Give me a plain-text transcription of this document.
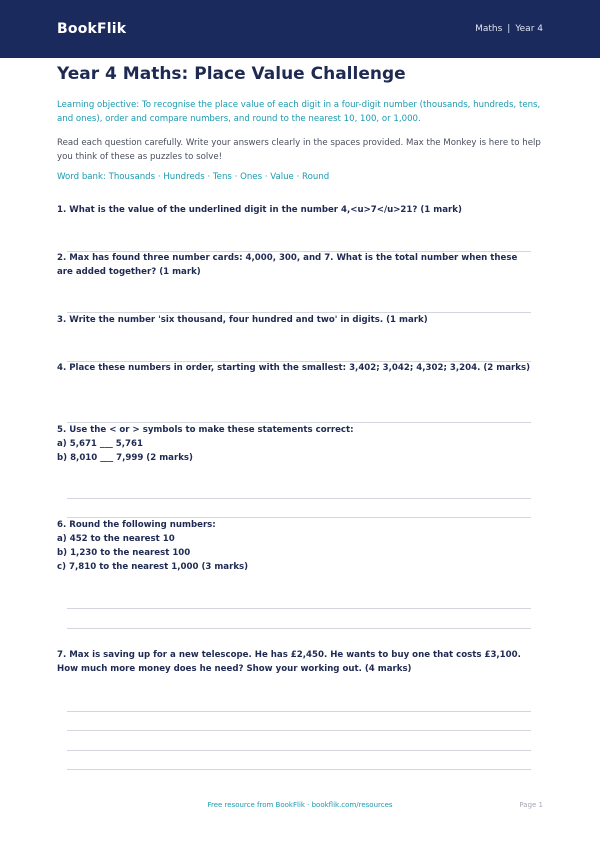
BookFlik	Maths | Year 4
Year 4 Maths: Place Value Challenge
Learning objective: To recognise the place value of each digit in a four-digit number (thousands, hundreds, tens, and ones), order and compare numbers, and round to the nearest 10, 100, or 1,000.
Read each question carefully. Write your answers clearly in the spaces provided. Max the Monkey is here to help you think of these as puzzles to solve!
Word bank: Thousands · Hundreds · Tens · Ones · Value · Round
1. What is the value of the underlined digit in the number 4,<u>7</u>21? (1 mark)
2. Max has found three number cards: 4,000, 300, and 7. What is the total number when these are added together? (1 mark)
3. Write the number 'six thousand, four hundred and two' in digits. (1 mark)
4. Place these numbers in order, starting with the smallest: 3,402; 3,042; 4,302; 3,204. (2 marks)
5. Use the < or > symbols to make these statements correct:
a) 5,671 ___ 5,761
b) 8,010 ___ 7,999 (2 marks)
6. Round the following numbers:
a) 452 to the nearest 10
b) 1,230 to the nearest 100
c) 7,810 to the nearest 1,000 (3 marks)
7. Max is saving up for a new telescope. He has £2,450. He wants to buy one that costs £3,100. How much more money does he need? Show your working out. (4 marks)
Free resource from BookFlik · bookflik.com/resources	Page 1
